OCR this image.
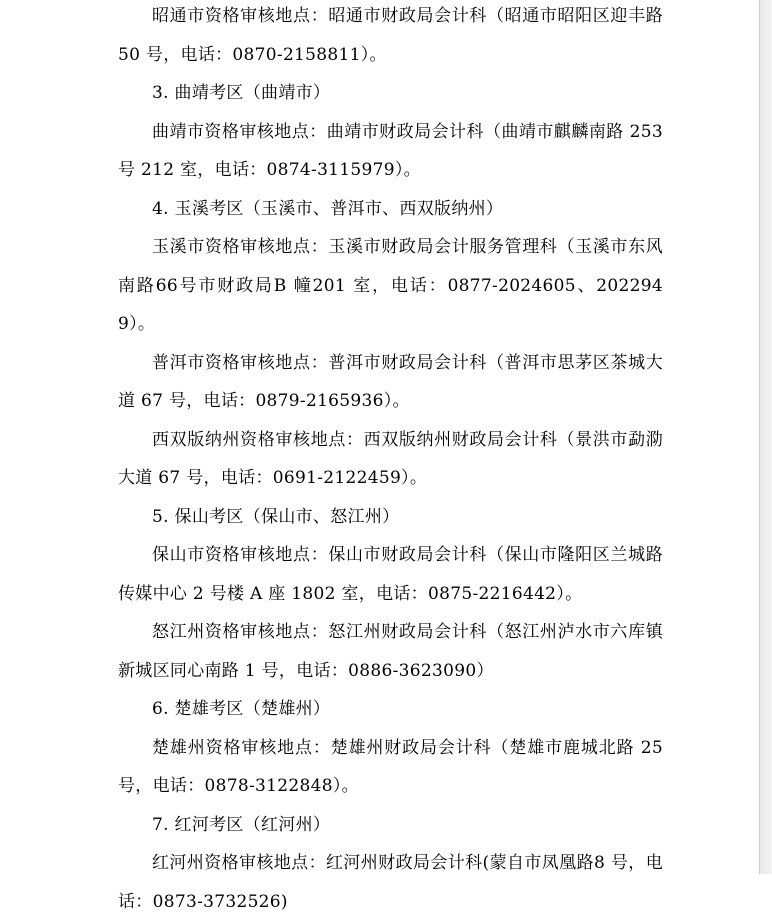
昭通市资格审核地点：昭通市财政局会计科（昭通市昭阳区迎丰路 50 号，电话：0870-2158811）。

3. 曲靖考区（曲靖市）

曲靖市资格审核地点：曲靖市财政局会计科（曲靖市麒麟南路 253 号 212 室，电话：0874-3115979）。

4. 玉溪考区（玉溪市、普洱市、西双版纳州）

玉溪市资格审核地点：玉溪市财政局会计服务管理科（玉溪市东风南路66号市财政局B 幢201 室，电话：0877-2024605、2022949）。

普洱市资格审核地点：普洱市财政局会计科（普洱市思茅区茶城大道 67 号，电话：0879-2165936）。

西双版纳州资格审核地点：西双版纳州财政局会计科（景洪市勐泐大道 67 号，电话：0691-2122459）。

5. 保山考区（保山市、怒江州）

保山市资格审核地点：保山市财政局会计科（保山市隆阳区兰城路传媒中心 2 号楼 A 座 1802 室，电话：0875-2216442）。

怒江州资格审核地点：怒江州财政局会计科（怒江州泸水市六库镇新城区同心南路 1 号，电话：0886-3623090）

6. 楚雄考区（楚雄州）

楚雄州资格审核地点：楚雄州财政局会计科（楚雄市鹿城北路 25 号，电话：0878-3122848）。

7. 红河考区（红河州）

红河州资格审核地点：红河州财政局会计科(蒙自市凤凰路8 号，电话：0873-3732526)
